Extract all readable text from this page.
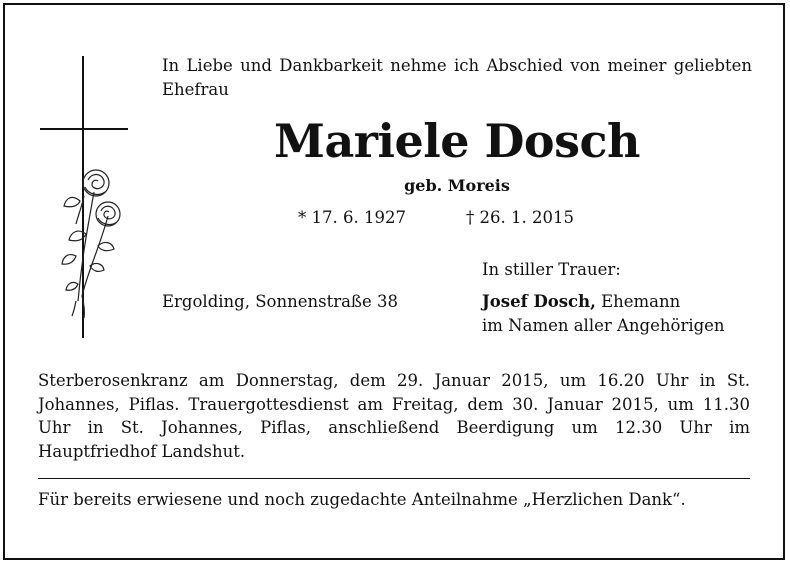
In Liebe und Dankbarkeit nehme ich Abschied von meiner geliebten Ehefrau
Mariele Dosch
geb. Moreis
* 17. 6. 1927	† 26. 1. 2015
In stiller Trauer:
Ergolding, Sonnenstraße 38	Josef Dosch, Ehemann
im Namen aller Angehörigen
Sterberosenkranz am Donnerstag, dem 29. Januar 2015, um 16.20 Uhr in St. Johannes, Piflas. Trauergottesdienst am Freitag, dem 30. Januar 2015, um 11.30 Uhr in St. Johannes, Piflas, anschließend Beerdigung um 12.30 Uhr im Hauptfriedhof Landshut.
Für bereits erwiesene und noch zugedachte Anteilnahme „Herzlichen Dank“.
